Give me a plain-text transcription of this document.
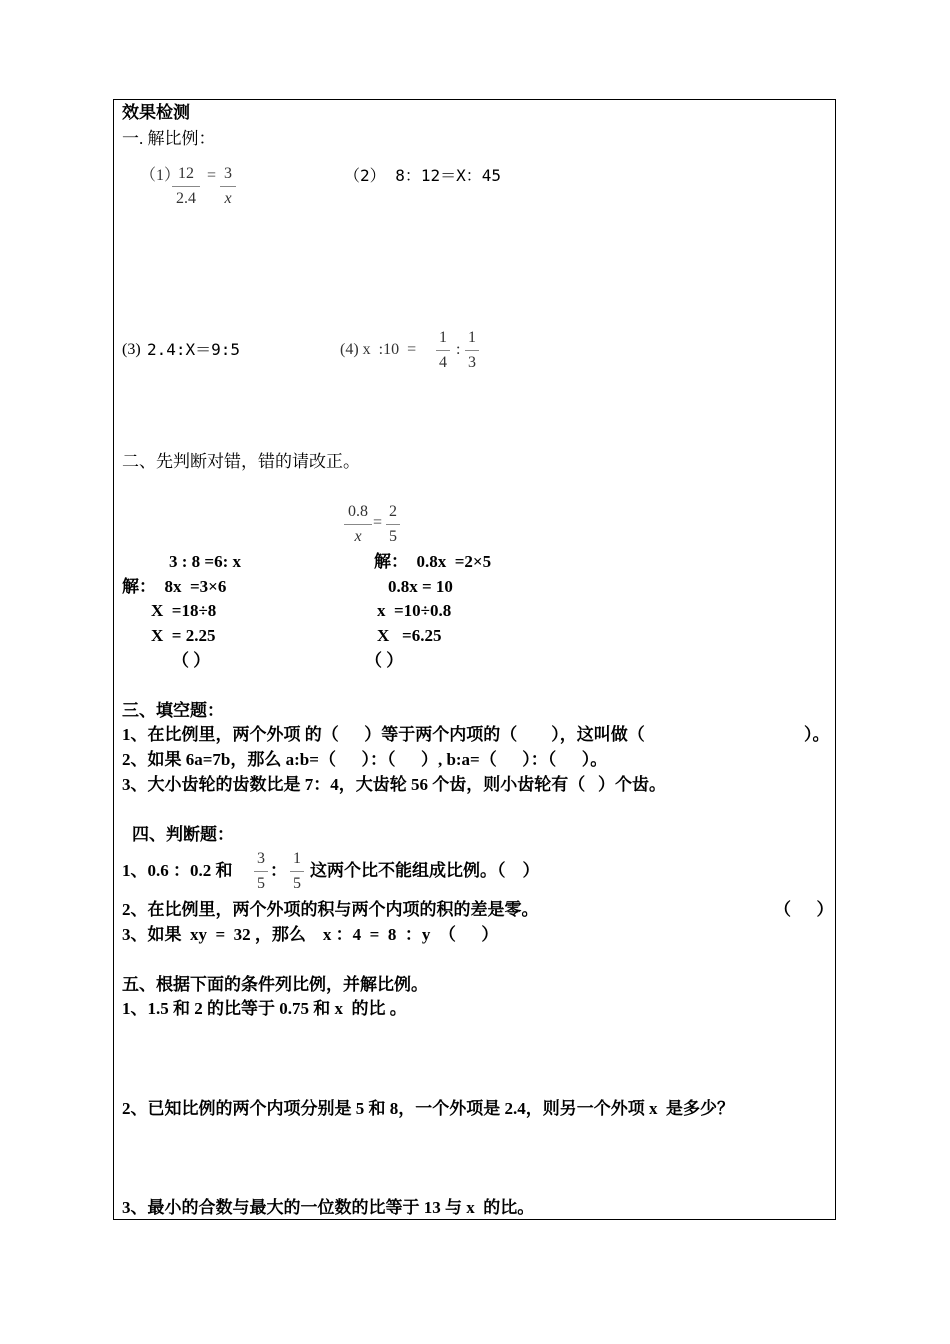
效果检测
一. 解比例：
（1）
12
2.4
= 3
x
（2） 8：12＝X：45
(3) 2.4:X＝9:5	(4) x  :10  =
1
4
:
1
3
二、先判断对错，错的请改正。
0.8
x
=
2
5
3 : 8 =6: x
解：  8x  =3×6
X  =18÷8
X  = 2.25
（ ）
解：  0.8x  =2×5
0.8x = 10
x  =10÷0.8
X   =6.25
（ ）
三、填空题：
1、在比例里，两个外项 的（      ）等于两个内项的（        ），这叫做（	）。
2、如果 6a=7b，那么 a:b=（      ）：（      ）, b:a=（      ）：（      ）。
3、大小齿轮的齿数比是 7：4，大齿轮 56 个齿，则小齿轮有（   ）个齿。
四、判断题：
1、0.6 ：0.2 和
3
5
：
1
5
这两个比不能组成比例。（    ）
2、在比例里，两个外项的积与两个内项的积的差是零。	（      ）
3、如果  xy  =  32 ，那么    x ：4  =  8  ：y  （      ）
五、根据下面的条件列比例，并解比例。
1、1.5 和 2 的比等于 0.75 和 x  的比 。
2、已知比例的两个内项分别是 5 和 8，一个外项是 2.4，则另一个外项 x  是多少？
3、最小的合数与最大的一位数的比等于 13 与 x  的比。
